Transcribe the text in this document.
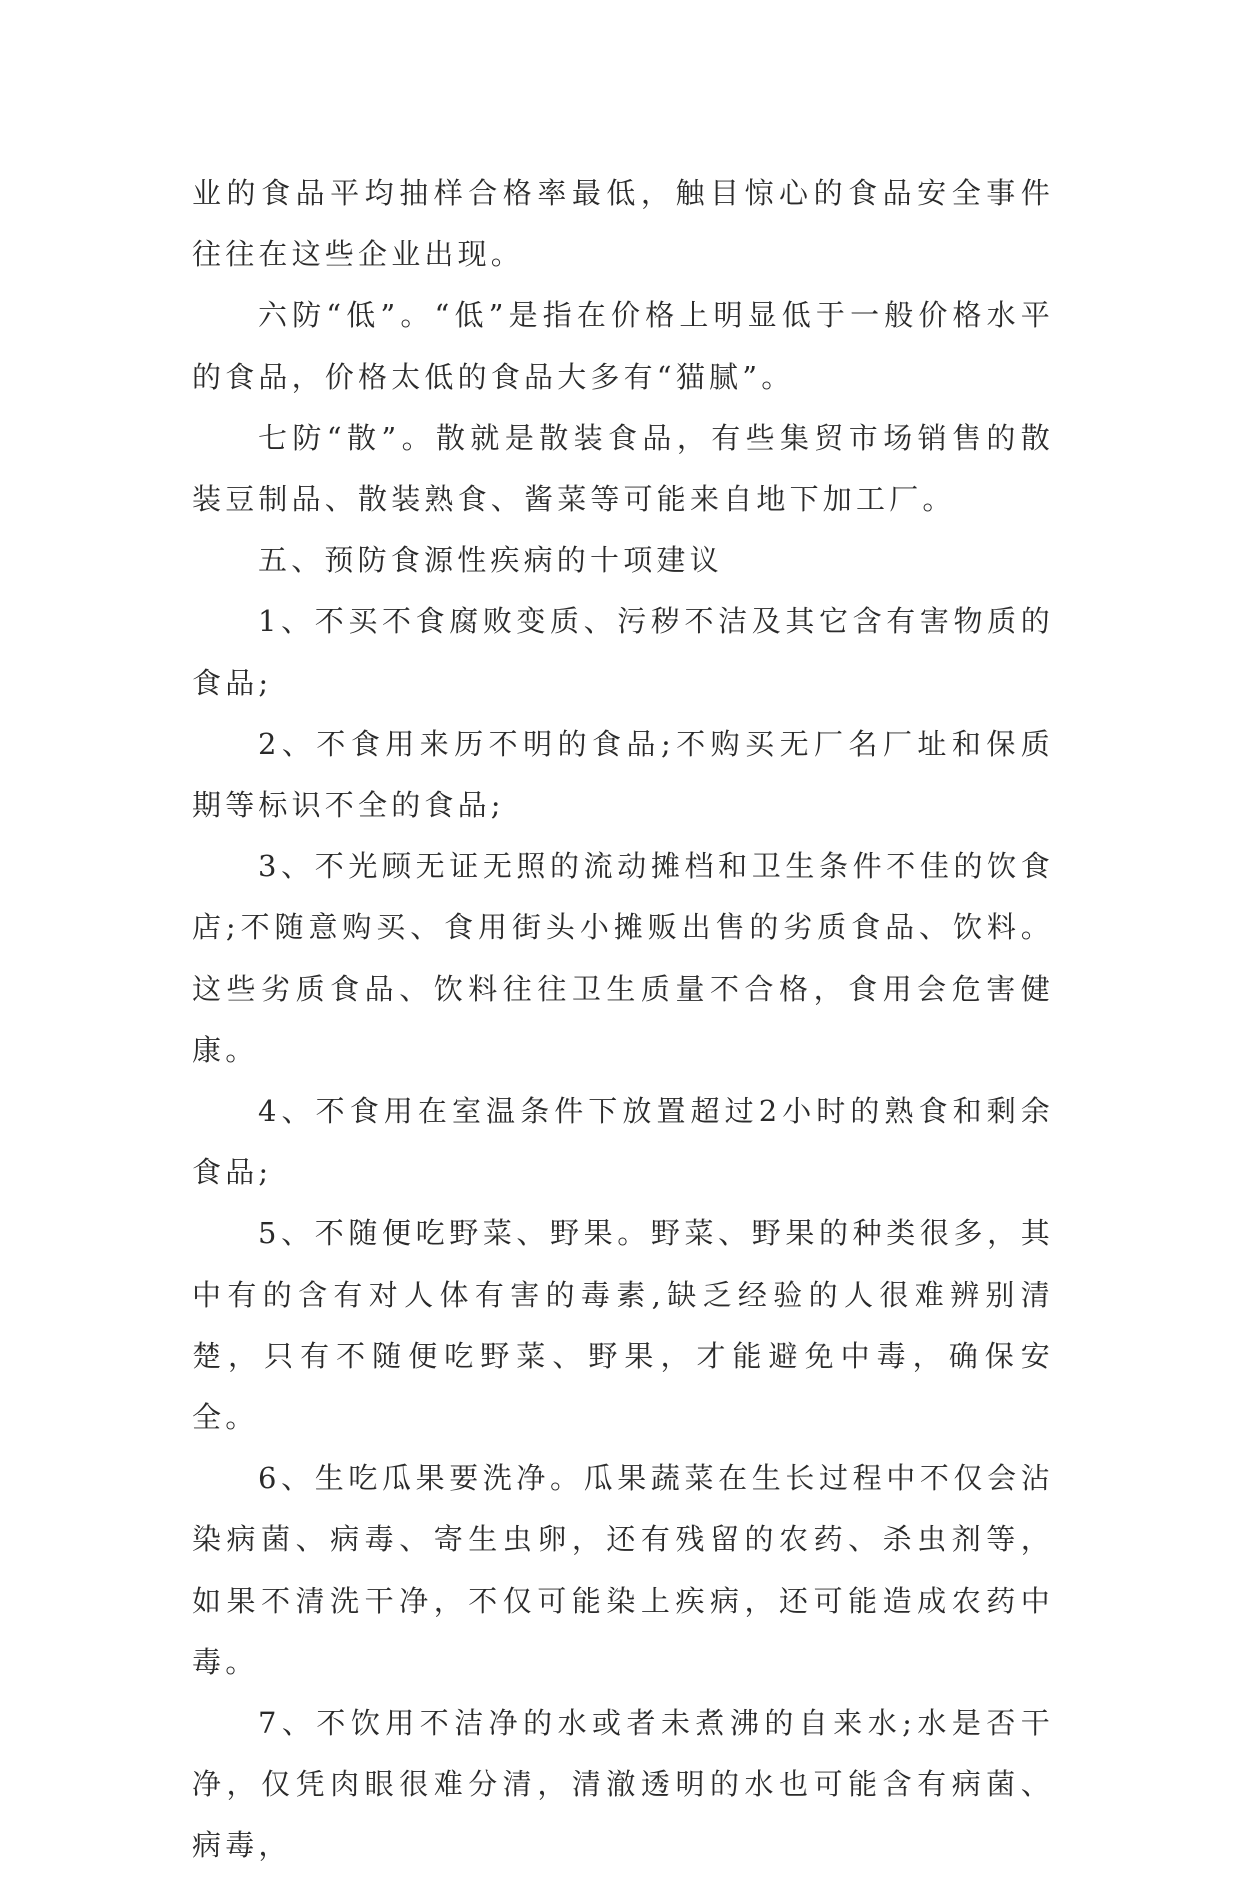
业的食品平均抽样合格率最低，触目惊心的食品安全事件往往在这些企业出现。

六防“低”。“低”是指在价格上明显低于一般价格水平的食品，价格太低的食品大多有“猫腻”。

七防“散”。散就是散装食品，有些集贸市场销售的散装豆制品、散装熟食、酱菜等可能来自地下加工厂。

五、预防食源性疾病的十项建议

1、不买不食腐败变质、污秽不洁及其它含有害物质的食品;

2、不食用来历不明的食品;不购买无厂名厂址和保质期等标识不全的食品;

3、不光顾无证无照的流动摊档和卫生条件不佳的饮食店;不随意购买、食用街头小摊贩出售的劣质食品、饮料。这些劣质食品、饮料往往卫生质量不合格，食用会危害健康。

4、不食用在室温条件下放置超过2小时的熟食和剩余食品;

5、不随便吃野菜、野果。野菜、野果的种类很多，其中有的含有对人体有害的毒素,缺乏经验的人很难辨别清楚，只有不随便吃野菜、野果，才能避免中毒，确保安全。

6、生吃瓜果要洗净。瓜果蔬菜在生长过程中不仅会沾染病菌、病毒、寄生虫卵，还有残留的农药、杀虫剂等，如果不清洗干净，不仅可能染上疾病，还可能造成农药中毒。

7、不饮用不洁净的水或者未煮沸的自来水;水是否干净，仅凭肉眼很难分清，清澈透明的水也可能含有病菌、病毒，
